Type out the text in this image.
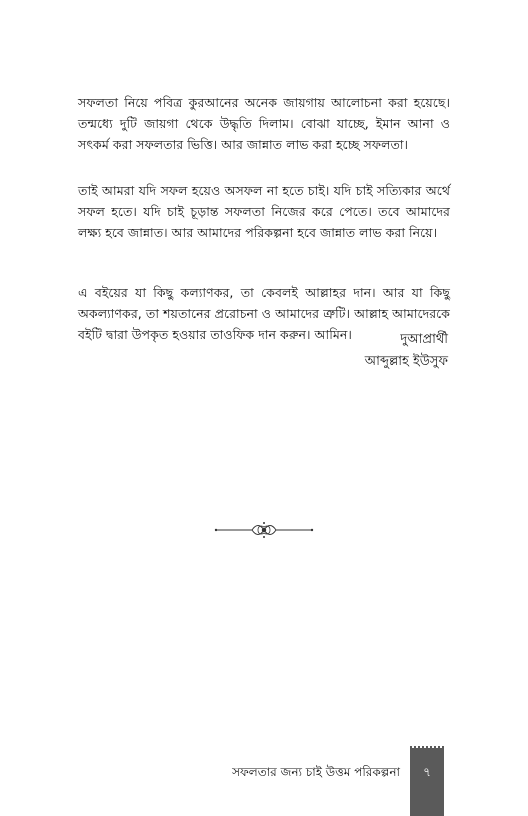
সফলতা নিয়ে পবিত্র কুরআনের অনেক জায়গায় আলোচনা করা হয়েছে। তন্মধ্যে দুটি জায়গা থেকে উদ্ধৃতি দিলাম। বোঝা যাচ্ছে, ইমান আনা ও সৎকর্ম করা সফলতার ভিত্তি। আর জান্নাত লাভ করা হচ্ছে সফলতা।

তাই আমরা যদি সফল হয়েও অসফল না হতে চাই। যদি চাই সত্যিকার অর্থে সফল হতে। যদি চাই চূড়ান্ত সফলতা নিজের করে পেতে। তবে আমাদের লক্ষ্য হবে জান্নাত। আর আমাদের পরিকল্পনা হবে জান্নাত লাভ করা নিয়ে।

এ বইয়ের যা কিছু কল্যাণকর, তা কেবলই আল্লাহর দান। আর যা কিছু অকল্যাণকর, তা শয়তানের প্ররোচনা ও আমাদের ত্রুটি। আল্লাহ আমাদেরকে বইটি দ্বারা উপকৃত হওয়ার তাওফিক দান করুন। আমিন।	দুআপ্রার্থী

আব্দুল্লাহ ইউসুফ

সফলতার জন্য চাই উত্তম পরিকল্পনা	৭
